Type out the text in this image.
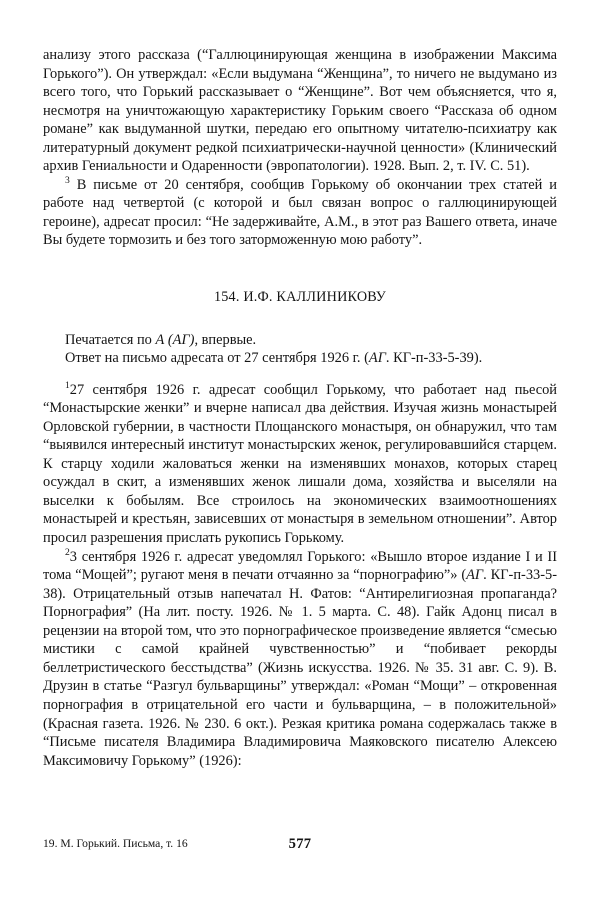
анализу этого рассказа (“Галлюцинирующая женщина в изображении Максима Горького”). Он утверждал: «Если выдумана “Женщина”, то ничего не выдумано из всего того, что Горький рассказывает о “Женщине”. Вот чем объясняется, что я, несмотря на уничтожающую характеристику Горьким своего “Рассказа об одном романе” как выдуманной шутки, передаю его опытному читателю-психиатру как литературный документ редкой психиатрически-научной ценности» (Клинический архив Гениальности и Одаренности (эвропатологии). 1928. Вып. 2, т. IV. С. 51).

$^3$ В письме от 20 сентября, сообщив Горькому об окончании трех статей и работе над четвертой (с которой и был связан вопрос о галлюцинирующей героине), адресат просил: “Не задерживайте, А.М., в этот раз Вашего ответа, иначе Вы будете тормозить и без того заторможенную мою работу”.

154. И.Ф. КАЛЛИНИКОВУ

Печатается по А (АГ), впервые.

Ответ на письмо адресата от 27 сентября 1926 г. (АГ. КГ-п-33-5-39).

$^1$27 сентября 1926 г. адресат сообщил Горькому, что работает над пьесой “Монастырские женки” и вчерне написал два действия. Изучая жизнь монастырей Орловской губернии, в частности Площанского монастыря, он обнаружил, что там “выявился интересный институт монастырских женок, регулировавшийся старцем. К старцу ходили жаловаться женки на изменявших монахов, которых старец осуждал в скит, а изменявших женок лишали дома, хозяйства и выселяли на выселки к бобылям. Все строилось на экономических взаимоотношениях монастырей и крестьян, зависевших от монастыря в земельном отношении”. Автор просил разрешения прислать рукопись Горькому.

$^2$3 сентября 1926 г. адресат уведомлял Горького: «Вышло второе издание I и II тома “Мощей”; ругают меня в печати отчаянно за “порнографию”» (АГ. КГ-п-33-5-38). Отрицательный отзыв напечатал Н. Фатов: “Антирелигиозная пропаганда? Порнография” (На лит. посту. 1926. № 1. 5 марта. С. 48). Гайк Адонц писал в рецензии на второй том, что это порнографическое произведение является “смесью мистики с самой крайней чувственностью” и “побивает рекорды беллетристического бесстыдства” (Жизнь искусства. 1926. № 35. 31 авг. С. 9). В. Друзин в статье “Разгул бульварщины” утверждал: «Роман “Мощи” – откровенная порнография в отрицательной его части и бульварщина, – в положительной» (Красная газета. 1926. № 230. 6 окт.). Резкая критика романа содержалась также в “Письме писателя Владимира Владимировича Маяковского писателю Алексею Максимовичу Горькому” (1926):

19. М. Горький. Письма, т. 16	577
